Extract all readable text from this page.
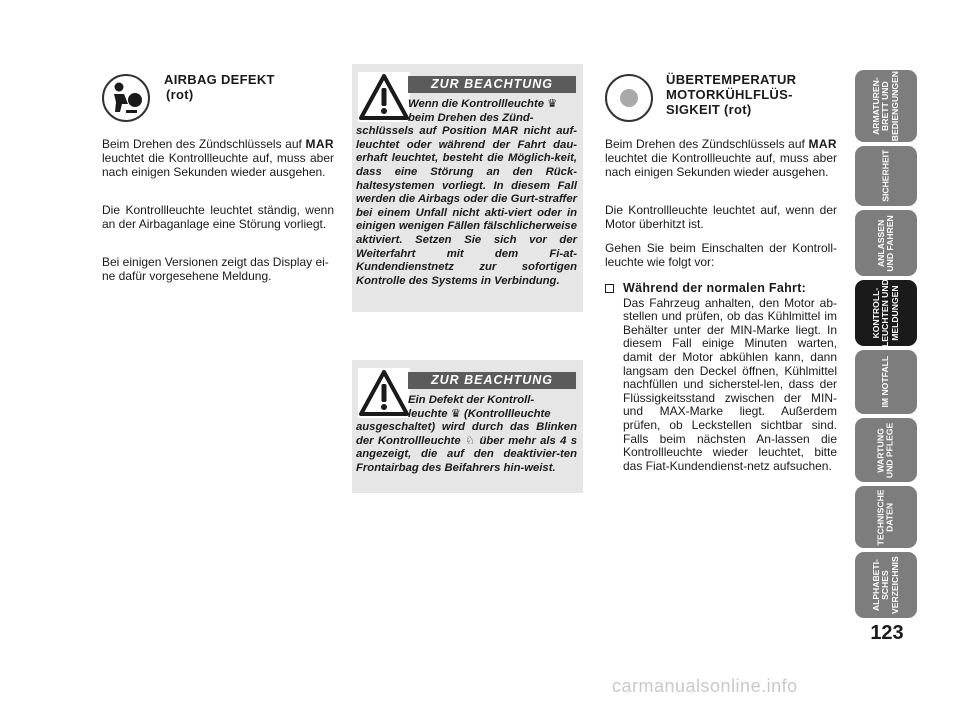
AIRBAG DEFEKT
(rot)
Beim Drehen des Zündschlüssels auf MAR leuchtet die Kontrollleuchte auf, muss aber nach einigen Sekunden wieder ausgehen.
Die Kontrollleuchte leuchtet ständig, wenn an der Airbaganlage eine Störung vorliegt.
Bei einigen Versionen zeigt das Display ei-ne dafür vorgesehene Meldung.
ZUR BEACHTUNG
Wenn die Kontrollleuchte ♛
beim Drehen des Zünd-
schlüssels auf Position MAR nicht auf-leuchtet oder während der Fahrt dau-erhaft leuchtet, besteht die Möglich-keit, dass eine Störung an den Rück-haltesystemen vorliegt. In diesem Fall werden die Airbags oder die Gurt-straffer bei einem Unfall nicht akti-viert oder in einigen wenigen Fällen fälschlicherweise aktiviert. Setzen Sie sich vor der Weiterfahrt mit dem Fi-at-Kundendienstnetz zur sofortigen Kontrolle des Systems in Verbindung.
ZUR BEACHTUNG
Ein Defekt der Kontroll-
leuchte ♛ (Kontrollleuchte
ausgeschaltet) wird durch das Blinken der Kontrollleuchte ♘ über mehr als 4 s angezeigt, die auf den deaktivier-ten Frontairbag des Beifahrers hin-weist.
ÜBERTEMPERATUR
MOTORKÜHLFLÜS-
SIGKEIT (rot)
Beim Drehen des Zündschlüssels auf MAR leuchtet die Kontrollleuchte auf, muss aber nach einigen Sekunden wieder ausgehen.
Die Kontrollleuchte leuchtet auf, wenn der Motor überhitzt ist.
Gehen Sie beim Einschalten der Kontroll-leuchte wie folgt vor:
Während der normalen Fahrt:
Das Fahrzeug anhalten, den Motor ab-stellen und prüfen, ob das Kühlmittel im Behälter unter der MIN-Marke liegt. In diesem Fall einige Minuten warten, damit der Motor abkühlen kann, dann langsam den Deckel öffnen, Kühlmittel nachfüllen und sicherstel-len, dass der Flüssigkeitsstand zwischen der MIN- und MAX-Marke liegt. Außerdem prüfen, ob Leckstellen sichtbar sind. Falls beim nächsten An-lassen die Kontrollleuchte wieder leuchtet, bitte das Fiat-Kundendienst-netz aufsuchen.
ARMATUREN-
BRETT UND
BEDIENGUNGEN
SICHERHEIT
ANLASSEN
UND FAHREN
KONTROLL-
LEUCHTEN UND
MELDUNGEN
IM NOTFALL
WARTUNG
UND PFLEGE
TECHNISCHE
DATEN
ALPHABETI-
SCHES
VERZEICHNIS
123
carmanualsonline.info
